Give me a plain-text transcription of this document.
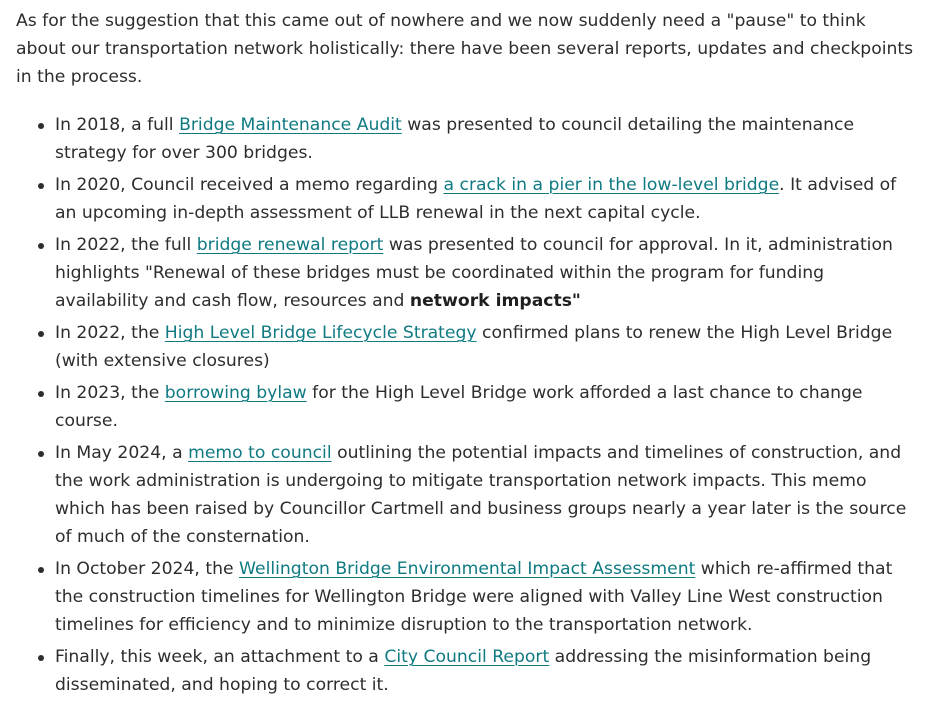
As for the suggestion that this came out of nowhere and we now suddenly need a "pause" to think about our transportation network holistically: there have been several reports, updates and checkpoints in the process.

In 2018, a full Bridge Maintenance Audit was presented to council detailing the maintenance strategy for over 300 bridges.
In 2020, Council received a memo regarding a crack in a pier in the low-level bridge. It advised of an upcoming in-depth assessment of LLB renewal in the next capital cycle.
In 2022, the full bridge renewal report was presented to council for approval. In it, administration highlights "Renewal of these bridges must be coordinated within the program for funding availability and cash flow, resources and network impacts"
In 2022, the High Level Bridge Lifecycle Strategy confirmed plans to renew the High Level Bridge (with extensive closures)
In 2023, the borrowing bylaw for the High Level Bridge work afforded a last chance to change course.
In May 2024, a memo to council outlining the potential impacts and timelines of construction, and the work administration is undergoing to mitigate transportation network impacts. This memo which has been raised by Councillor Cartmell and business groups nearly a year later is the source of much of the consternation.
In October 2024, the Wellington Bridge Environmental Impact Assessment which re-affirmed that the construction timelines for Wellington Bridge were aligned with Valley Line West construction timelines for efficiency and to minimize disruption to the transportation network.
Finally, this week, an attachment to a City Council Report addressing the misinformation being disseminated, and hoping to correct it.
